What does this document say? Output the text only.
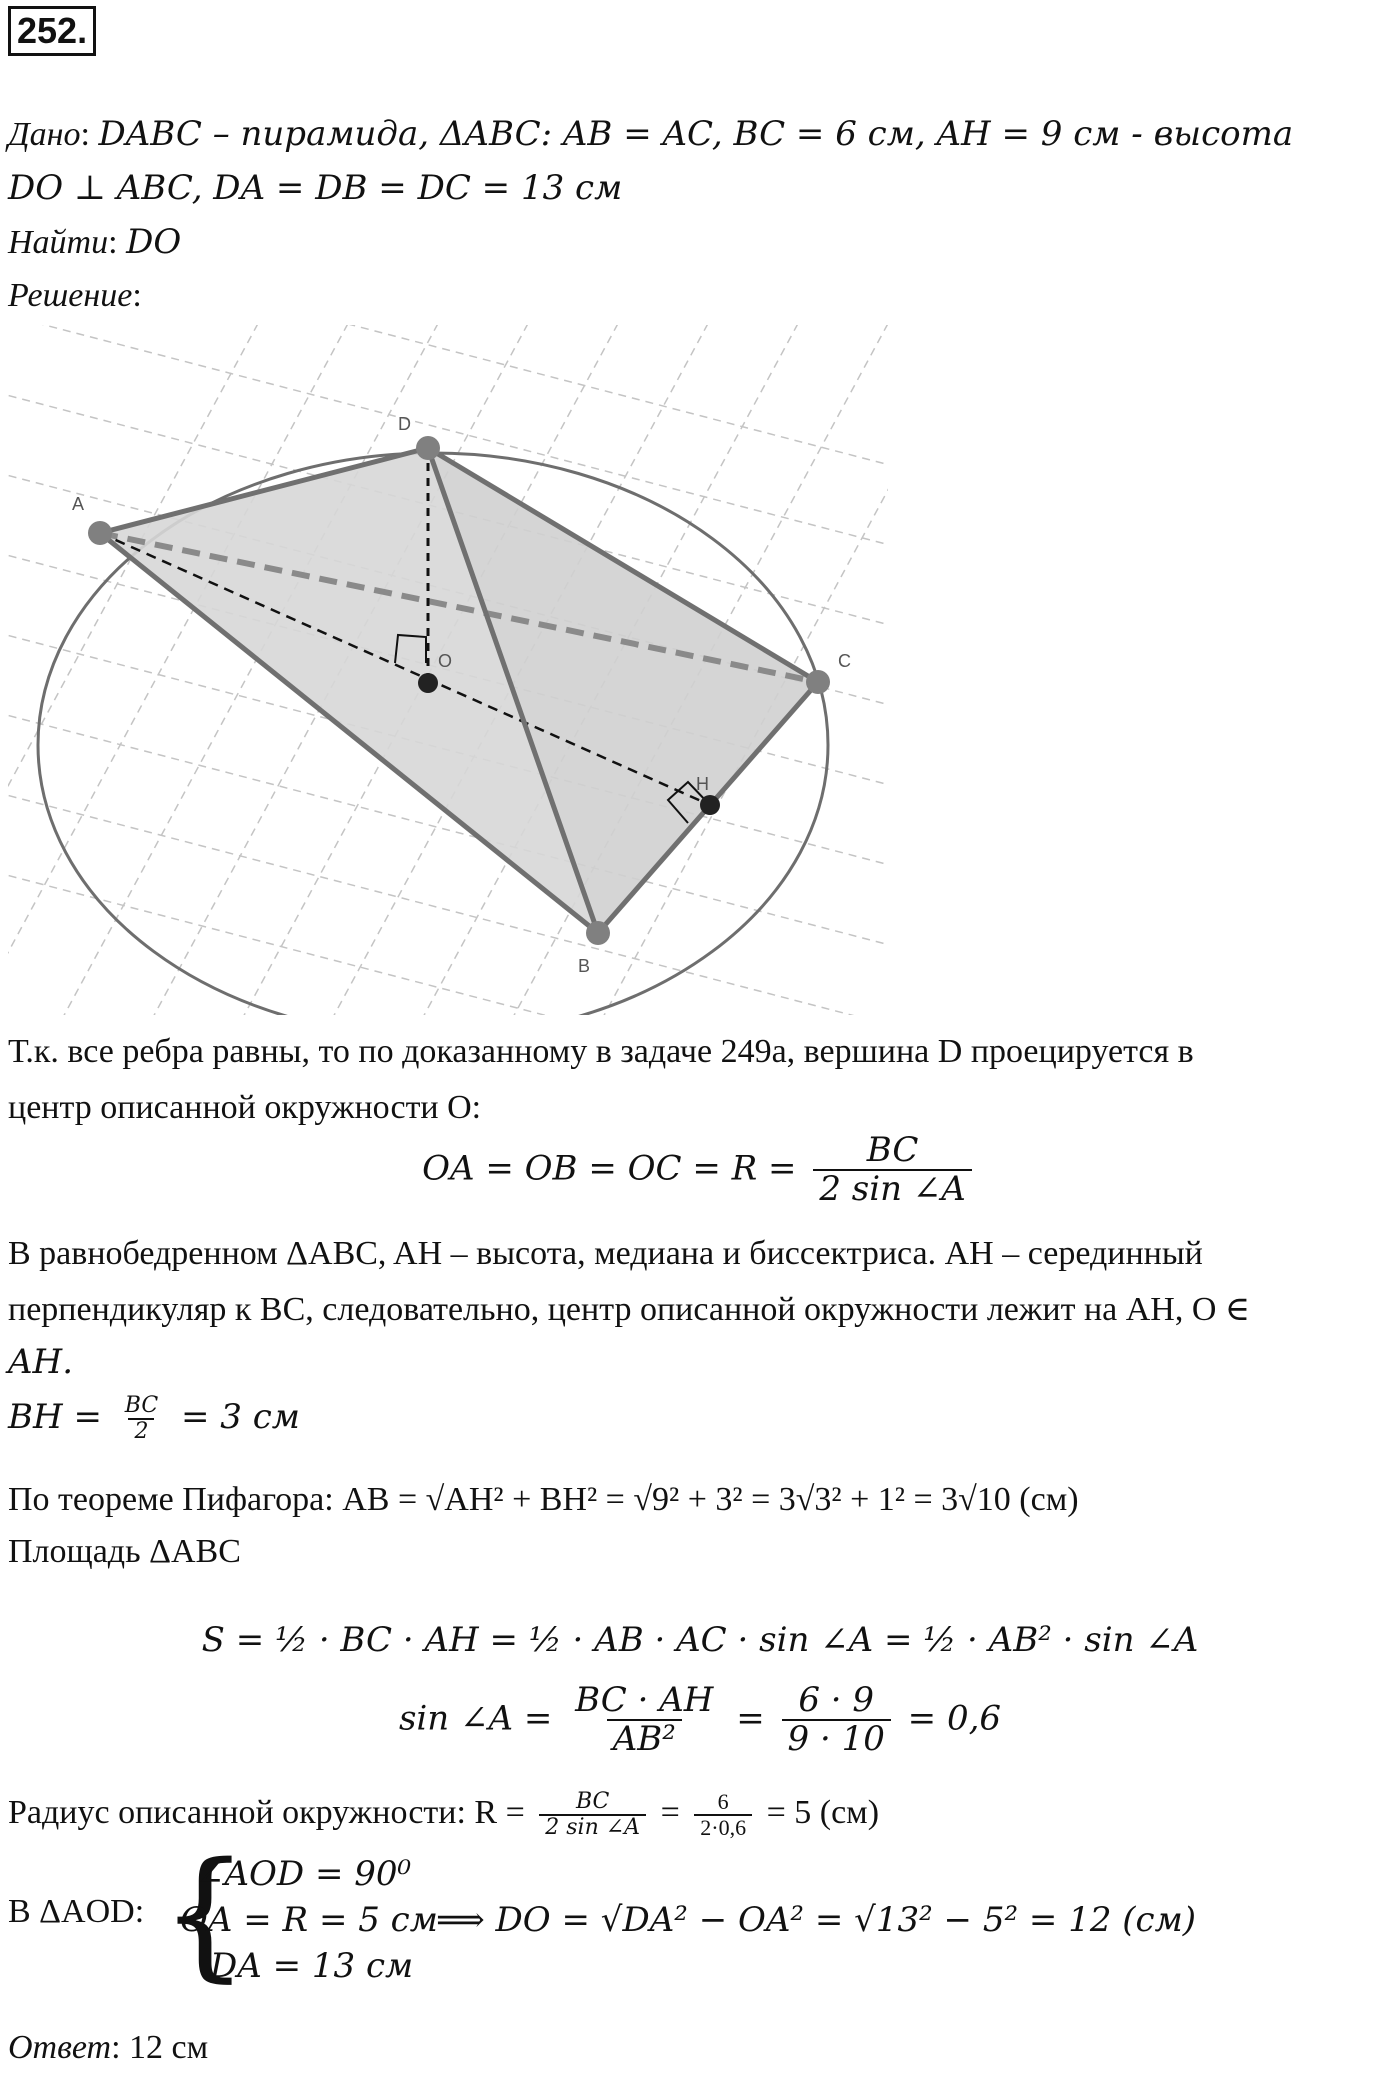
252.
Дано: DABC – пирамида, ΔABC: AB = AC, BC = 6 см, AH = 9 см - высота
DO ⊥ ABC, DA = DB = DC = 13 см
Найти: DO
Решение:
A
D
C
B
O
H
Т.к. все ребра равны, то по доказанному в задаче 249а, вершина D проецируется в
центр описанной окружности O:
OA = OB = OC = $R = \frac{BC}{2 \sin \angle A}$
В равнобедренном ΔABC, AH – высота, медиана и биссектриса. AH – серединный
перпендикуляр к BC, следовательно, центр описанной окружности лежит на AH, O ∈
AH.
BH = $\frac{BC}{2} = 3$ см
По теореме Пифагора: AB = √AH² + BH² = √9² + 3² = 3√3² + 1² = 3√10 (см)
Площадь ΔABC
S = ½ · BC · AH = ½ · AB · AC · sin ∠A = ½ · AB² · sin ∠A
sin ∠A = $\frac{BC \cdot AH}{\text{AB²}} = \frac{6 \cdot 9}{9 \cdot 10} = 0,6$
Радиус описанной окружности: $R = \frac{BC}{2 \sin \angle A} = \frac{6}{2\cdot 0,6} = 5$ (см)
В ΔAOD: {
∠AOD = 90⁰
OA = R = 5 см
DA = 13 см
⟹ DO = √DA² − OA² = √13² − 5² = 12 (см)
Ответ: 12 см
